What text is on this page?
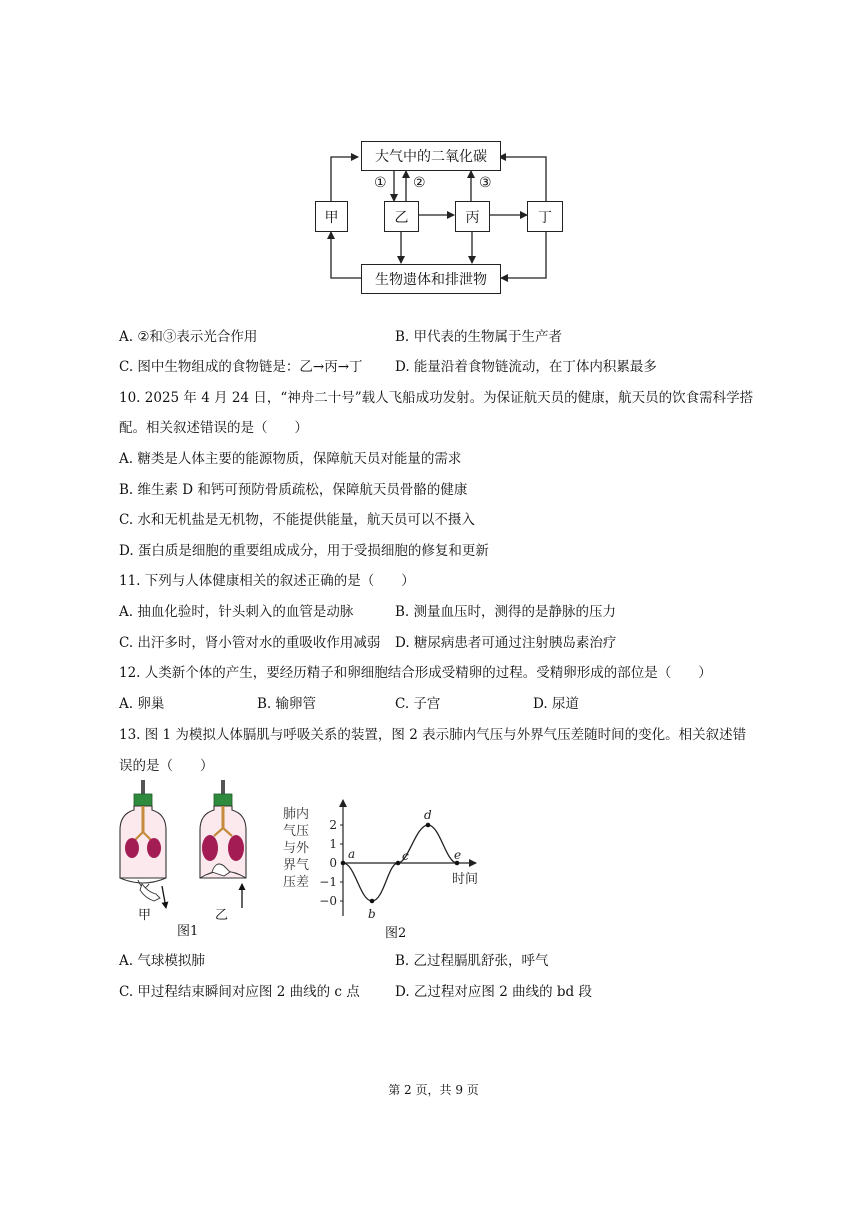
大气中的二氧化碳
生物遗体和排泄物
甲	乙	丙	丁
① ②	③
A. ②和③表示光合作用	B. 甲代表的生物属于生产者
C. 图中生物组成的食物链是：乙→丙→丁 D. 能量沿着食物链流动，在丁体内积累最多
10. 2025 年 4 月 24 日，“神舟二十号”载人飞船成功发射。为保证航天员的健康，航天员的饮食需科学搭
配。相关叙述错误的是（　　）
A. 糖类是人体主要的能源物质，保障航天员对能量的需求
B. 维生素 D 和钙可预防骨质疏松，保障航天员骨骼的健康
C. 水和无机盐是无机物，不能提供能量，航天员可以不摄入
D. 蛋白质是细胞的重要组成成分，用于受损细胞的修复和更新
11. 下列与人体健康相关的叙述正确的是（　　）
A. 抽血化验时，针头刺入的血管是动脉	B. 测量血压时，测得的是静脉的压力
C. 出汗多时，肾小管对水的重吸收作用减弱 D. 糖尿病患者可通过注射胰岛素治疗
12. 人类新个体的产生，要经历精子和卵细胞结合形成受精卵的过程。受精卵形成的部位是（　　）
A. 卵巢	B. 输卵管	C. 子宫	D. 尿道
13. 图 1 为模拟人体膈肌与呼吸关系的装置，图 2 表示肺内气压与外界气压差随时间的变化。相关叙述错
误的是（　　）
甲	乙
图1
肺内
气压
与外
界气
压差
2
1
0
−1
−0
a
b
c
d
e
时间
图2
A. 气球模拟肺	B. 乙过程膈肌舒张，呼气
C. 甲过程结束瞬间对应图 2 曲线的 c 点	D. 乙过程对应图 2 曲线的 bd 段
第 2 页，共 9 页
